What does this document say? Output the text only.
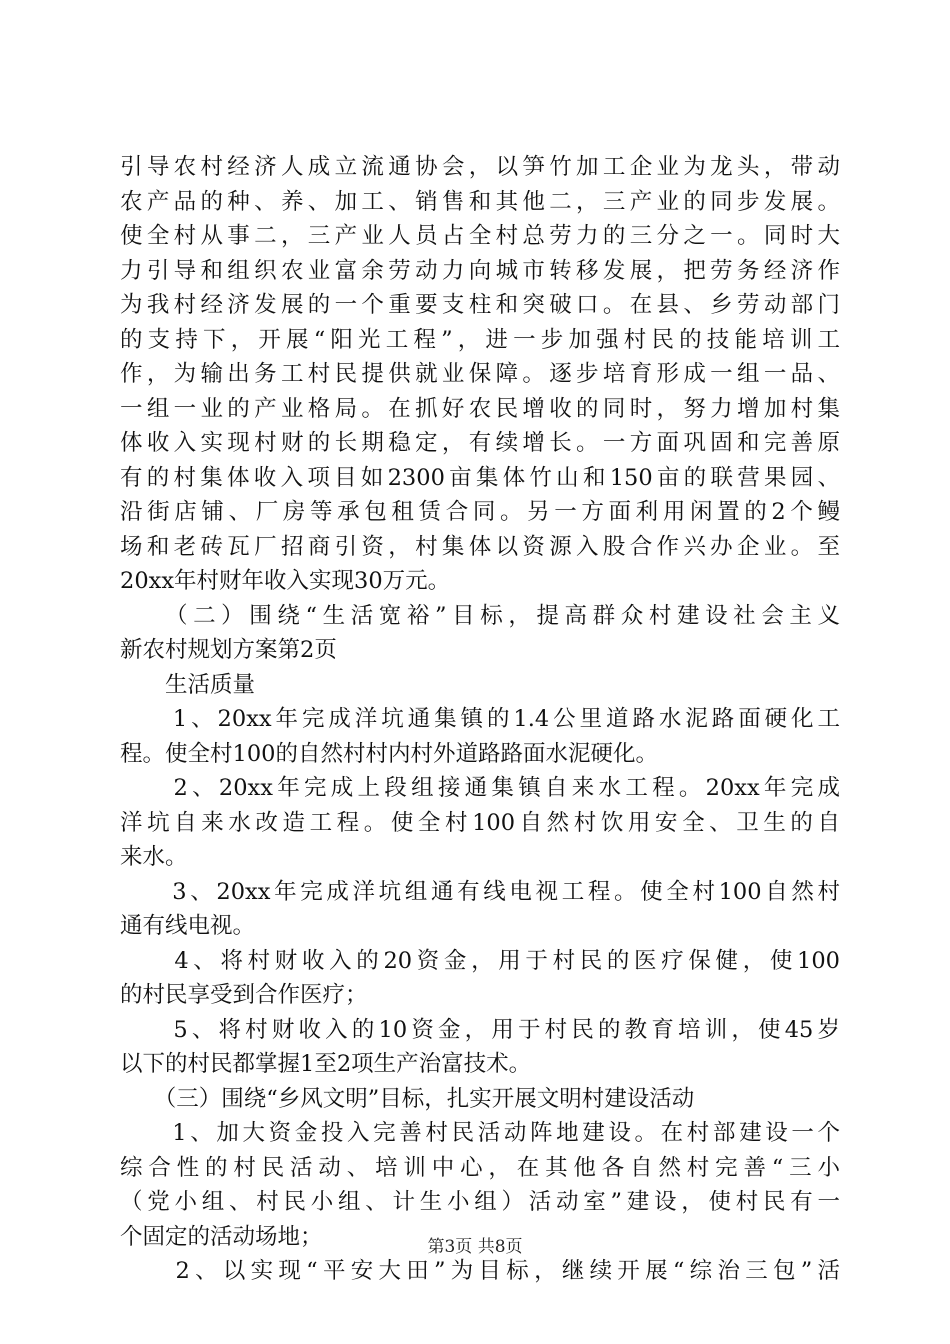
引导农村经济人成立流通协会，以笋竹加工企业为龙头，带动
农产品的种、养、加工、销售和其他二，三产业的同步发展。
使全村从事二，三产业人员占全村总劳力的三分之一。同时大
力引导和组织农业富余劳动力向城市转移发展，把劳务经济作
为我村经济发展的一个重要支柱和突破口。在县、乡劳动部门
的支持下，开展“阳光工程”，进一步加强村民的技能培训工
作，为输出务工村民提供就业保障。逐步培育形成一组一品、
一组一业的产业格局。在抓好农民增收的同时，努力增加村集
体收入实现村财的长期稳定，有续增长。一方面巩固和完善原
有的村集体收入项目如2300亩集体竹山和150亩的联营果园、
沿街店铺、厂房等承包租赁合同。另一方面利用闲置的2个鳗
场和老砖瓦厂招商引资，村集体以资源入股合作兴办企业。至
20xx年村财年收入实现30万元。
　　（二）围绕“生活宽裕”目标，提高群众村建设社会主义
新农村规划方案第2页
　　生活质量
　　1、20xx年完成洋坑通集镇的1.4公里道路水泥路面硬化工
程。使全村100的自然村村内村外道路路面水泥硬化。
　　2、20xx年完成上段组接通集镇自来水工程。20xx年完成
洋坑自来水改造工程。使全村100自然村饮用安全、卫生的自
来水。
　　3、20xx年完成洋坑组通有线电视工程。使全村100自然村
通有线电视。
　　4、将村财收入的20资金，用于村民的医疗保健，使100
的村民享受到合作医疗；
　　5、将村财收入的10资金，用于村民的教育培训，使45岁
以下的村民都掌握1至2项生产治富技术。
　　（三）围绕“乡风文明”目标，扎实开展文明村建设活动
　　1、加大资金投入完善村民活动阵地建设。在村部建设一个
综合性的村民活动、培训中心，在其他各自然村完善“三小
（党小组、村民小组、计生小组）活动室”建设，使村民有一
个固定的活动场地；
　　2、以实现“平安大田”为目标，继续开展“综治三包”活
第3页 共8页
